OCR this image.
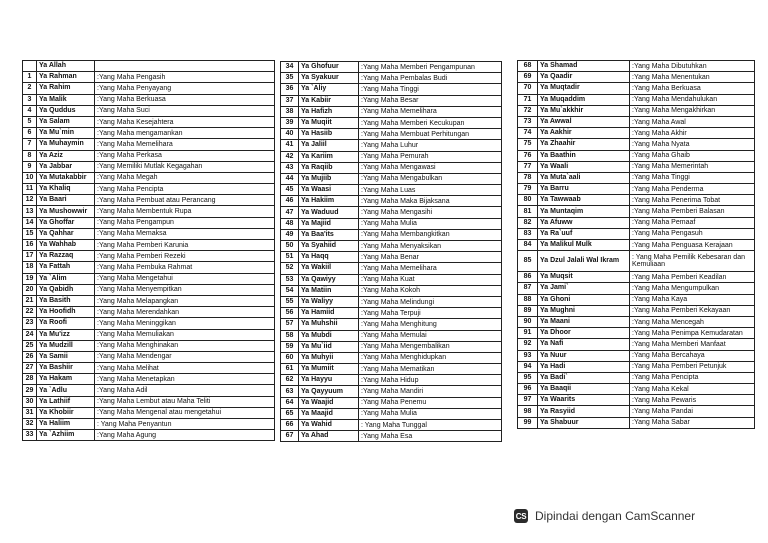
	Ya Allah	
1	Ya Rahman	:Yang Maha Pengasih
2	Ya Rahim	:Yang Maha Penyayang
3	Ya Malik	:Yang Maha Berkuasa
4	Ya Quddus	:Yang Maha Suci
5	Ya Salam	:Yang Maha Kesejahtera
6	Ya Mu`min	:Yang Maha mengamankan
7	Ya Muhaymin	:Yang Maha Memelihara
8	Ya Aziz	:Yang Maha Perkasa
9	Ya Jabbar	:Yang Memiliki Mutlak Kegagahan
10	Ya Mutakabbir	:Yang Maha Megah
11	Ya Khaliq	:Yang Maha Pencipta
12	Ya Baari	:Yang Maha Pembuat atau Perancang
13	Ya Mushowwir	:Yang Maha Membentuk Rupa
14	Ya Ghoffar	:Yang Maha Pengampun
15	Ya Qahhar	:Yang Maha Memaksa
16	Ya Wahhab	:Yang Maha Pemberi Karunia
17	Ya Razzaq	:Yang Maha Pemberi Rezeki
18	Ya Fattah	:Yang Maha Pembuka Rahmat
19	Ya `Alim	:Yang Maha Mengetahui
20	Ya Qabidh	:Yang Maha Menyempitkan
21	Ya Basith	:Yang Maha Melapangkan
22	Ya Hoofidh	:Yang Maha Merendahkan
23	Ya Roofi	:Yang Maha Meninggikan
24	Ya Mu'izz	:Yang Maha Memuliakan
25	Ya Mudzill	:Yang Maha Menghinakan
26	Ya Samii	:Yang Maha Mendengar
27	Ya Bashiir	:Yang Maha Melihat
28	Ya Hakam	:Yang Maha Menetapkan
29	Ya `Adlu	:Yang Maha Adil
30	Ya Lathiif	:Yang Maha Lembut atau Maha Teliti
31	Ya Khobiir	:Yang Maha Mengenal atau mengetahui
32	Ya Haliim	: Yang Maha Penyantun
33	Ya `Azhiim	:Yang Maha Agung
34	Ya Ghofuur	:Yang Maha Memberi Pengampunan
35	Ya Syakuur	:Yang Maha Pembalas Budi
36	Ya `Aliy	:Yang Maha Tinggi
37	Ya Kabiir	:Yang Maha Besar
38	Ya Hafizh	:Yang Maha Memelihara
39	Ya Muqiit	:Yang Maha Memberi Kecukupan
40	Ya Hasiib	:Yang Maha Membuat Perhitungan
41	Ya Jaliil	:Yang Maha Luhur
42	Ya Kariim	:Yang Maha Pemurah
43	Ya Raqiib	:Yang Maha Mengawasi
44	Ya Mujiib	:Yang Maha Mengabulkan
45	Ya Waasi	:Yang Maha Luas
46	Ya Hakiim	:Yang Maha Maka Bijaksana
47	Ya Waduud	:Yang Maha Mengasihi
48	Ya Majiid	:Yang Maha Mulia
49	Ya Baa'its	:Yang Maha Membangkitkan
50	Ya Syahiid	:Yang Maha Menyaksikan
51	Ya Haqq	:Yang Maha Benar
52	Ya Wakiil	:Yang Maha Memelihara
53	Ya Qawiyy	:Yang Maha Kuat
54	Ya Matiin	:Yang Maha Kokoh
55	Ya Waliyy	:Yang Maha Melindungi
56	Ya Hamiid	:Yang Maha Terpuji
57	Ya Muhshii	:Yang Maha Menghitung
58	Ya Mubdi	:Yang Maha Memulai
59	Ya Mu`iid	:Yang Maha Mengembalikan
60	Ya Muhyii	:Yang Maha Menghidupkan
61	Ya Mumiit	:Yang Maha Mematikan
62	Ya Hayyu	:Yang Maha Hidup
63	Ya Qayyuum	:Yang Maha Mandiri
64	Ya Waajid	:Yang Maha Penemu
65	Ya Maajid	:Yang Maha Mulia
66	Ya Wahid	: Yang Maha Tunggal
67	Ya Ahad	:Yang Maha Esa
68	Ya Shamad	:Yang Maha Dibutuhkan
69	Ya Qaadir	:Yang Maha Menentukan
70	Ya Muqtadir	:Yang Maha Berkuasa
71	Ya Muqaddim	:Yang Maha Mendahulukan
72	Ya Mu`akkhir	:Yang Maha Mengakhirkan
73	Ya Awwal	:Yang Maha Awal
74	Ya Aakhir	:Yang Maha Akhir
75	Ya Zhaahir	:Yang Maha Nyata
76	Ya Baathin	:Yang Maha Ghaib
77	Ya Waali	:Yang Maha Memerintah
78	Ya Muta`aali	:Yang Maha Tinggi
79	Ya Barru	:Yang Maha Penderma
80	Ya Tawwaab	:Yang Maha Penerima Tobat
81	Ya Muntaqim	:Yang Maha Pemberi Balasan
82	Ya Afuww	:Yang Maha Pemaaf
83	Ya Ra`uuf	:Yang Maha Pengasuh
84	Ya Malikul Mulk	:Yang Maha Penguasa Kerajaan
85	Ya Dzul Jalali Wal Ikram	: Yang Maha Pemilik Kebesaran dan Kemuliaan
86	Ya Muqsit	:Yang Maha Pemberi Keadilan
87	Ya Jami`	:Yang Maha Mengumpulkan
88	Ya Ghoni	:Yang Maha Kaya
89	Ya Mughni	:Yang Maha Pemberi Kekayaan
90	Ya Maani	:Yang Maha Mencegah
91	Ya Dhoor	:Yang Maha Penimpa Kemudaratan
92	Ya Nafi	:Yang Maha Memberi Manfaat
93	Ya Nuur	:Yang Maha Bercahaya
94	Ya Hadi	:Yang Maha Pemberi Petunjuk
95	Ya Badi`	:Yang Maha Pencipta
96	Ya Baaqii	:Yang Maha Kekal
97	Ya Waarits	:Yang Maha Pewaris
98	Ya Rasyiid	:Yang Maha Pandai
99	Ya Shabuur	:Yang Maha Sabar
CS Dipindai dengan CamScanner
